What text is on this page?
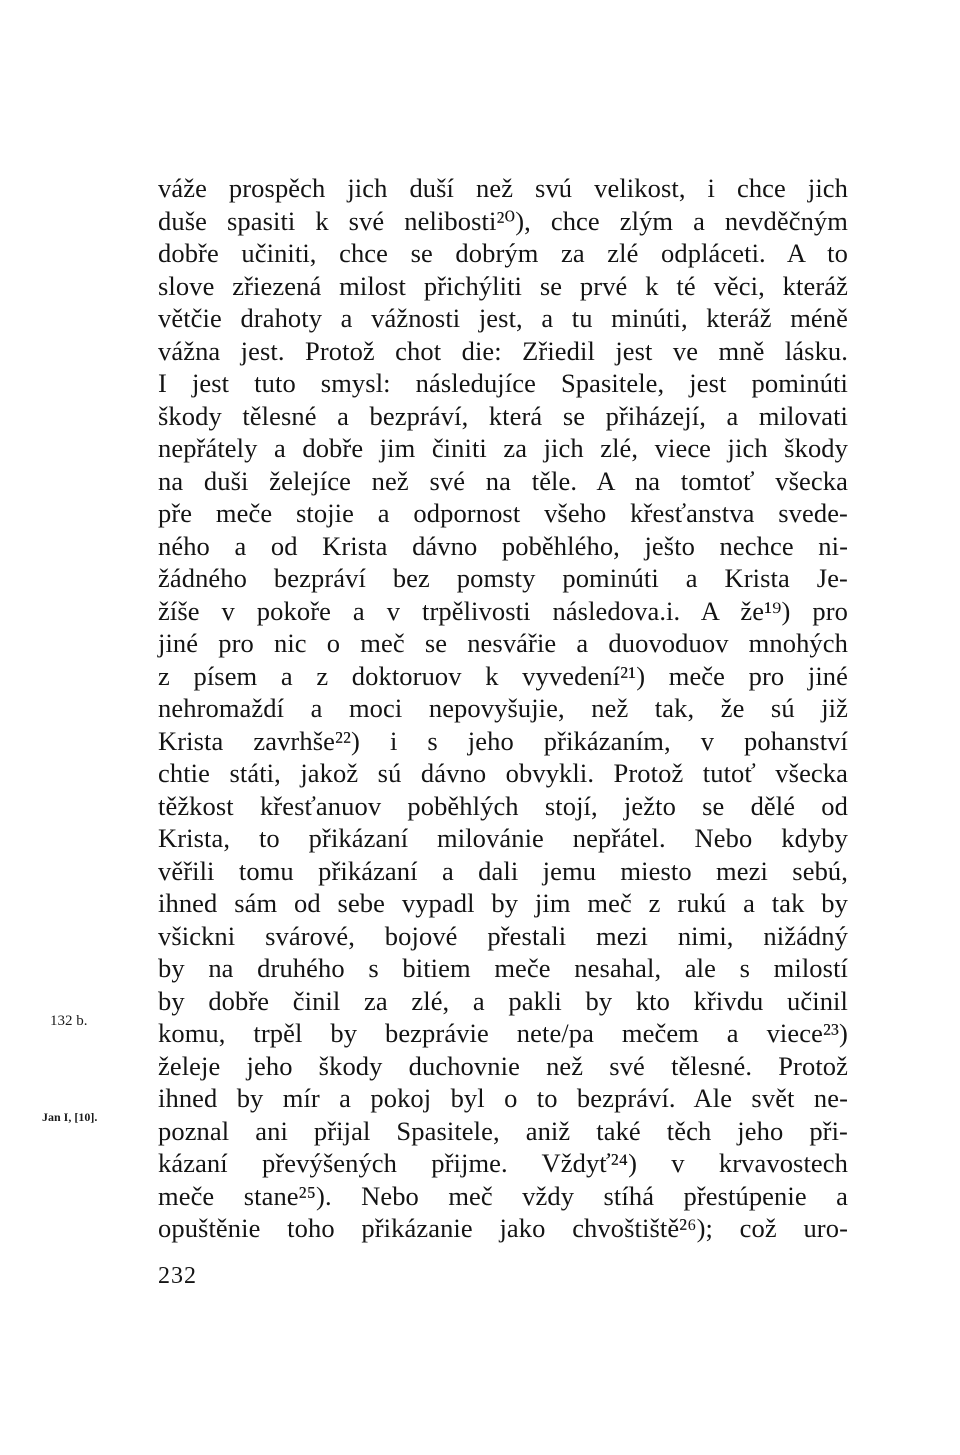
váže prospěch jich duší než svú velikost, i chce jich
duše spasiti k své nelibosti²⁰), chce zlým a nevděčným
dobře učiniti, chce se dobrým za zlé odpláceti. A to
slove zřiezená milost přichýliti se prvé k té věci, kteráž
větčie drahoty a vážnosti jest, a tu minúti, kteráž méně
vážna jest. Protož chot die: Zřiedil jest ve mně lásku.
I jest tuto smysl: následujíce Spasitele, jest pominúti
škody tělesné a bezpráví, která se přiházejí, a milovati
nepřátely a dobře jim činiti za jich zlé, viece jich škody
na duši želejíce než své na těle. A na tomtoť všecka
pře meče stojie a odpornost všeho křesťanstva svede-
ného a od Krista dávno poběhlého, ješto nechce ni-
žádného bezpráví bez pomsty pominúti a Krista Je-
žíše v pokoře a v trpělivosti následova.i. A že¹⁹) pro
jiné pro nic o meč se nesvářie a duovoduov mnohých
z písem a z doktoruov k vyvedení²¹) meče pro jiné
nehromaždí a moci nepovyšujie, než tak, že sú již
Krista zavrhše²²) i s jeho přikázaním, v pohanství
chtie státi, jakož sú dávno obvykli. Protož tutoť všecka
těžkost křesťanuov poběhlých stojí, ježto se dělé od
Krista, to přikázaní milovánie nepřátel. Nebo kdyby
věřili tomu přikázaní a dali jemu miesto mezi sebú,
ihned sám od sebe vypadl by jim meč z rukú a tak by
všickni svárové, bojové přestali mezi nimi, nižádný
by na druhého s bitiem meče nesahal, ale s milostí
by dobře činil za zlé, a pakli by kto křivdu učinil
komu, trpěl by bezprávie nete/pa mečem a viece²³)
želeje jeho škody duchovnie než své tělesné. Protož
ihned by mír a pokoj byl o to bezpráví. Ale svět ne-
poznal ani přijal Spasitele, aniž také těch jeho při-
kázaní převýšených přijme. Vždyť²⁴) v krvavostech
meče stane²⁵). Nebo meč vždy stíhá přestúpenie a
opuštěnie toho přikázanie jako chvoštiště²⁶); což uro-
132 b.
Jan I, [10].
232
